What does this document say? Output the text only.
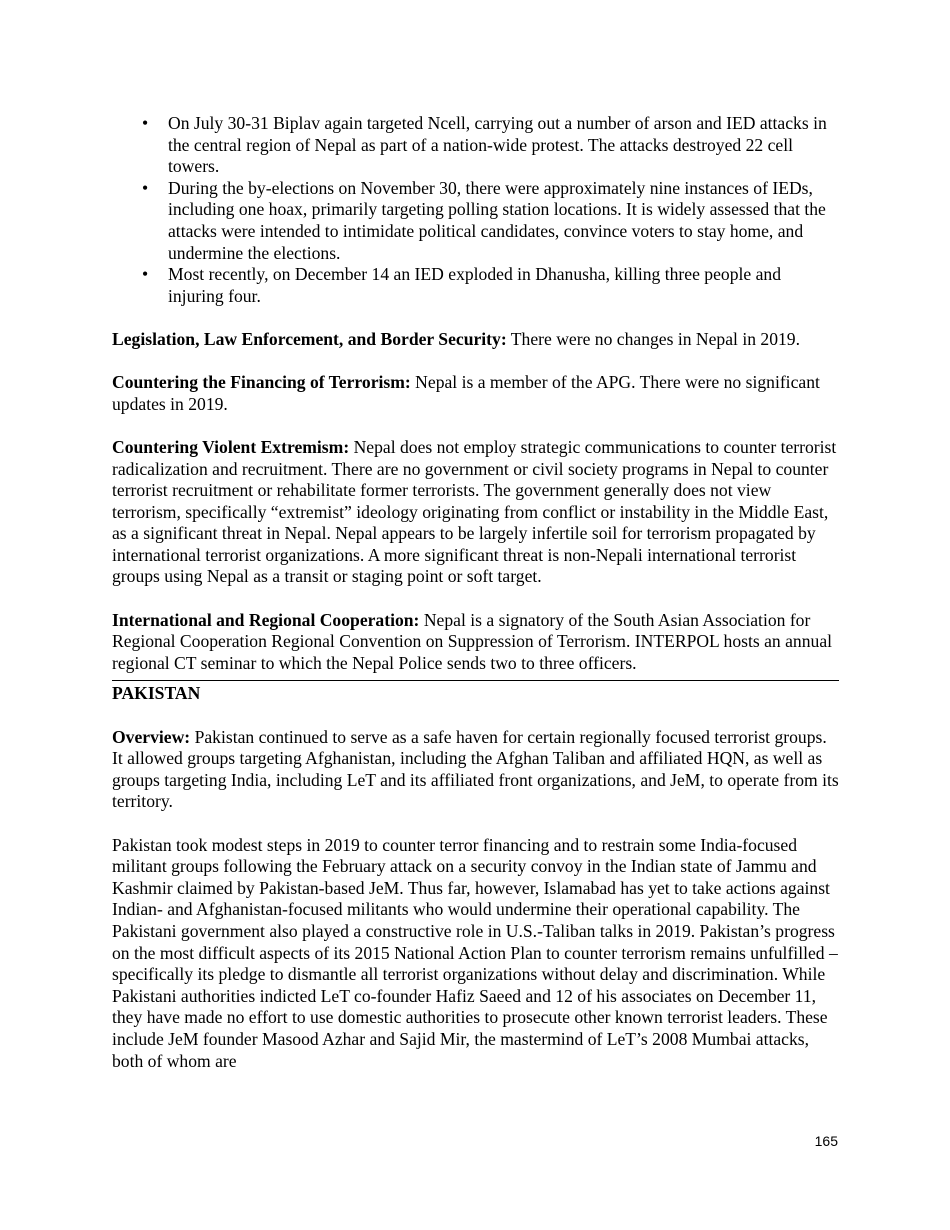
• On July 30-31 Biplav again targeted Ncell, carrying out a number of arson and IED attacks in the central region of Nepal as part of a nation-wide protest. The attacks destroyed 22 cell towers.
• During the by-elections on November 30, there were approximately nine instances of IEDs, including one hoax, primarily targeting polling station locations. It is widely assessed that the attacks were intended to intimidate political candidates, convince voters to stay home, and undermine the elections.
• Most recently, on December 14 an IED exploded in Dhanusha, killing three people and injuring four.

Legislation, Law Enforcement, and Border Security: There were no changes in Nepal in 2019.

Countering the Financing of Terrorism: Nepal is a member of the APG. There were no significant updates in 2019.

Countering Violent Extremism: Nepal does not employ strategic communications to counter terrorist radicalization and recruitment. There are no government or civil society programs in Nepal to counter terrorist recruitment or rehabilitate former terrorists. The government generally does not view terrorism, specifically “extremist” ideology originating from conflict or instability in the Middle East, as a significant threat in Nepal. Nepal appears to be largely infertile soil for terrorism propagated by international terrorist organizations. A more significant threat is non-Nepali international terrorist groups using Nepal as a transit or staging point or soft target.

International and Regional Cooperation: Nepal is a signatory of the South Asian Association for Regional Cooperation Regional Convention on Suppression of Terrorism. INTERPOL hosts an annual regional CT seminar to which the Nepal Police sends two to three officers.

PAKISTAN

Overview: Pakistan continued to serve as a safe haven for certain regionally focused terrorist groups. It allowed groups targeting Afghanistan, including the Afghan Taliban and affiliated HQN, as well as groups targeting India, including LeT and its affiliated front organizations, and JeM, to operate from its territory.

Pakistan took modest steps in 2019 to counter terror financing and to restrain some India-focused militant groups following the February attack on a security convoy in the Indian state of Jammu and Kashmir claimed by Pakistan-based JeM. Thus far, however, Islamabad has yet to take actions against Indian- and Afghanistan-focused militants who would undermine their operational capability. The Pakistani government also played a constructive role in U.S.-Taliban talks in 2019. Pakistan’s progress on the most difficult aspects of its 2015 National Action Plan to counter terrorism remains unfulfilled – specifically its pledge to dismantle all terrorist organizations without delay and discrimination. While Pakistani authorities indicted LeT co-founder Hafiz Saeed and 12 of his associates on December 11, they have made no effort to use domestic authorities to prosecute other known terrorist leaders. These include JeM founder Masood Azhar and Sajid Mir, the mastermind of LeT’s 2008 Mumbai attacks, both of whom are

165
